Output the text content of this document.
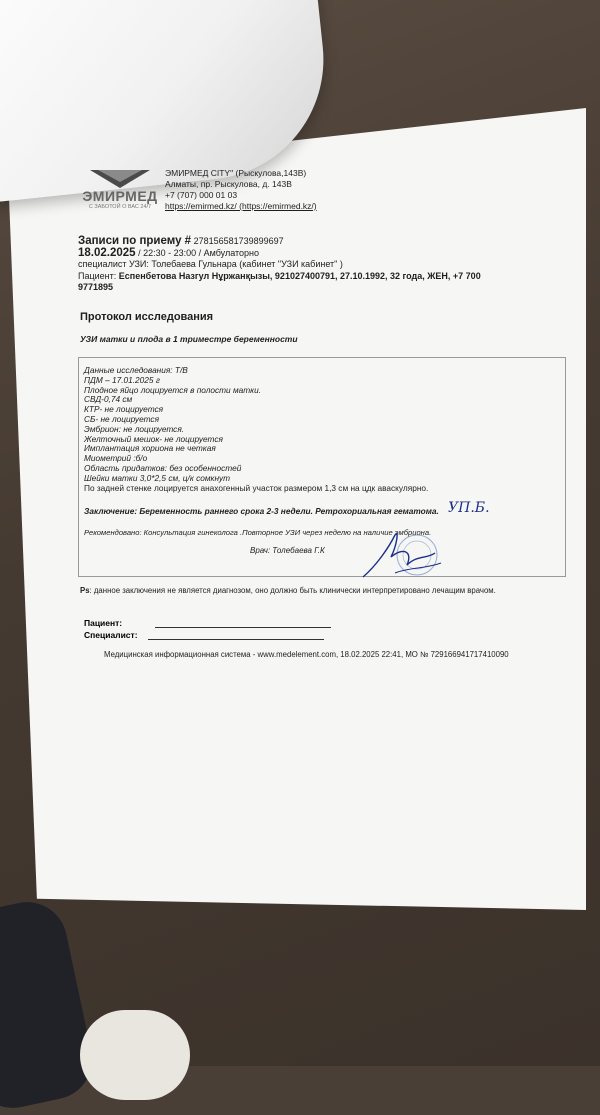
ЭМИРМЕД
С ЗАБОТОЙ О ВАС 24/7
ЭМИРМЕД CITY" (Рыскулова,143В)
Алматы, пр. Рыскулова, д. 143В
+7 (707) 000 01 03
https://emirmed.kz/ (https://emirmed.kz/)
Записи по приему # 278156581739899697
18.02.2025 / 22:30 - 23:00 / Амбулаторно
специалист УЗИ: Толебаева Гульнара (кабинет "УЗИ кабинет" )
Пациент: Еспенбетова Назгул Нұржанқызы, 921027400791, 27.10.1992, 32 года, ЖЕН, +7 700
9771895
Протокол исследования
УЗИ матки и плода в 1 триместре беременности
Данные исследования: Т/В
ПДМ – 17.01.2025 г
Плодное яйцо лоцируется в полости матки.
СВД-0,74 см
КТР- не лоцируется
СБ- не лоцируется
Эмбрион: не лоцируется.
Желточный мешок- не лоцируется
Имплантация хориона не четкая
Миометрий :б/о
Область придатков: без особенностей
Шейки матки 3,0*2,5 см, ц/к сомкнут
По задней стенке лоцируется анахогенный участок размером 1,3 см на цдк аваскулярно.
Заключение: Беременность раннего срока 2-3 недели. Ретрохориальная гематома. УП.Б.
Рекомендовано: Консультация гинеколога .Повторное УЗИ через неделю на наличие эмбриона.
Врач: Толебаева Г.К
Ps: данное заключения не является диагнозом, оно должно быть клинически интерпретировано лечащим врачом.
Пациент:
Специалист:
Медицинская информационная система - www.medelement.com, 18.02.2025 22:41, МО № 729166941717410090
